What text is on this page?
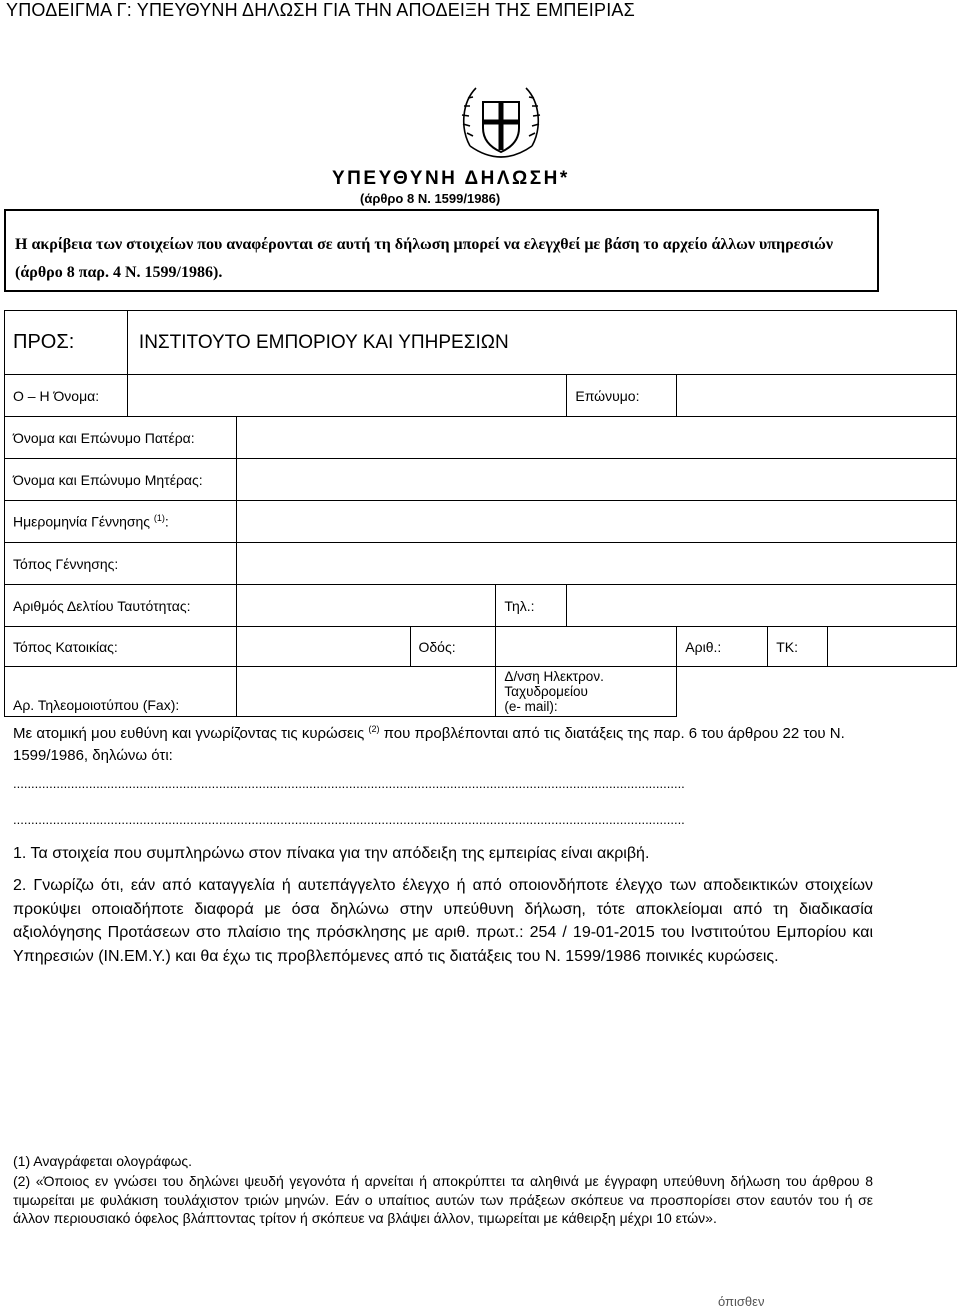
ΥΠΟΔΕΙΓΜΑ Γ: ΥΠΕΥΘΥΝΗ ΔΗΛΩΣΗ ΓΙΑ ΤΗΝ ΑΠΟΔΕΙΞΗ ΤΗΣ ΕΜΠΕΙΡΙΑΣ
ΥΠΕΥΘΥΝΗ ΔΗΛΩΣΗ*
(άρθρο 8 Ν. 1599/1986)
Η ακρίβεια των στοιχείων που αναφέρονται σε αυτή τη δήλωση μπορεί να ελεγχθεί με βάση το αρχείο άλλων υπηρεσιών
(άρθρο 8 παρ. 4 Ν. 1599/1986).
ΠΡΟΣ:	ΙΝΣΤΙΤΟΥΤΟ ΕΜΠΟΡΙΟΥ ΚΑΙ ΥΠΗΡΕΣΙΩΝ							
Ο – Η Όνομα:					Επώνυμο:			
Όνομα και Επώνυμο Πατέρα:								
Όνομα και Επώνυμο Μητέρας:								
Ημερομηνία Γέννησης $^{(1)}$:								
Τόπος Γέννησης:								
Αριθμός Δελτίου Ταυτότητας:				Τηλ.:				
Τόπος Κατοικίας:			Οδός:			Αριθ.:	ΤΚ:	
Αρ. Τηλεομοιοτύπου (Fax):				Δ/νση Ηλεκτρον.
Ταχυδρομείου
(e- mail):				

Με ατομική μου ευθύνη και γνωρίζοντας τις κυρώσεις $^{(2)}$ που προβλέπονται από τις διατάξεις της παρ. 6 του άρθρου 22 του Ν. 1599/1986, δηλώνω ότι:
..........................................................................................................................................................................................
..........................................................................................................................................................................................
1. Τα στοιχεία που συμπληρώνω στον πίνακα για την απόδειξη της εμπειρίας είναι ακριβή.
2. Γνωρίζω ότι, εάν από καταγγελία ή αυτεπάγγελτο έλεγχο ή από οποιονδήποτε έλεγχο των αποδεικτικών στοιχείων προκύψει οποιαδήποτε διαφορά με όσα δηλώνω στην υπεύθυνη δήλωση, τότε αποκλείομαι από τη διαδικασία αξιολόγησης Προτάσεων στο πλαίσιο της πρόσκλησης με αριθ. πρωτ.: 254 / 19-01-2015 του Ινστιτούτου Εμπορίου και Υπηρεσιών (ΙΝ.ΕΜ.Υ.) και θα έχω τις προβλεπόμενες από τις διατάξεις του Ν. 1599/1986 ποινικές κυρώσεις.
(1) Αναγράφεται ολογράφως.
(2) «Όποιος εν γνώσει του δηλώνει ψευδή γεγονότα ή αρνείται ή αποκρύπτει τα αληθινά με έγγραφη υπεύθυνη δήλωση του άρθρου 8 τιμωρείται με φυλάκιση τουλάχιστον τριών μηνών. Εάν ο υπαίτιος αυτών των πράξεων σκόπευε να προσπορίσει στον εαυτόν του ή σε άλλον περιουσιακό όφελος βλάπτοντας τρίτον ή σκόπευε να βλάψει άλλον, τιμωρείται με κάθειρξη μέχρι 10 ετών».
όπισθεν
